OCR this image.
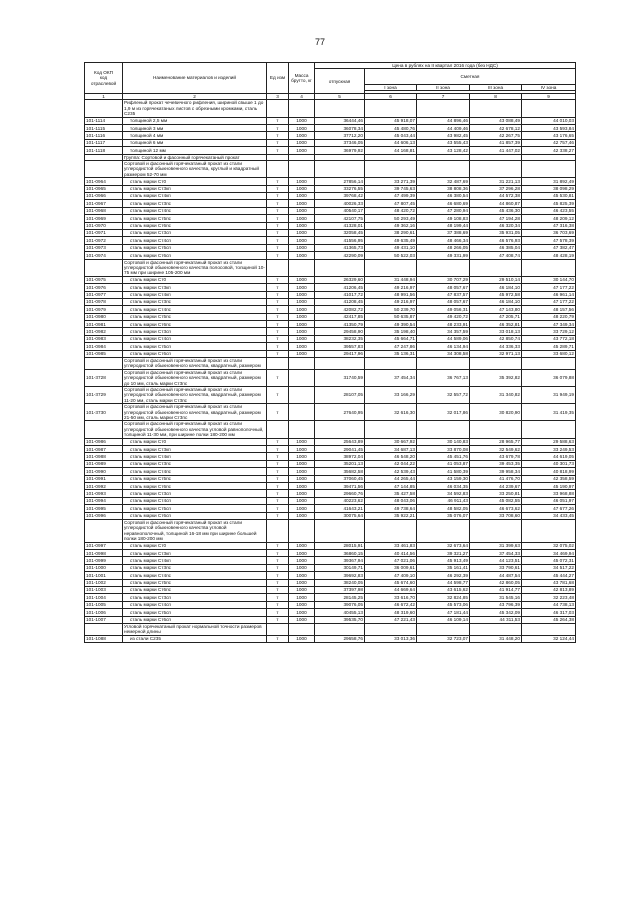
77
Код ОКП
код
отраслевой	Наименование материалов и изделий	Ед изм	Масса брутто, кг	Цена в рублях на II квартал 2016 года (без НДС)				
				отпускная	Сметная			
					I зона	II зона	III зона	IV зона

1	2	3	4	5	6	7	8	9
	Рифленый прокат чечевичного рифления, шириной свыше 1 до 1,9 м из горячекатаных листов с обрезными кромками, сталь С235							
101-1114	толщиной 2,5 мм	т	1000	36444,46	45 918,07	44 896,46	43 088,49	44 010,03
101-1115	толщиной 3 мм	т	1000	36078,34	45 480,76	44 409,46	42 678,12	43 593,84
101-1116	толщиной 4 мм	т	1000	37712,20	45 043,44	43 982,45	42 267,75	43 176,65
101-1117	толщиной 6 мм	т	1000	37346,05	44 606,13	43 555,43	41 857,39	42 757,46
101-1118	толщиной 12 мм	т	1000	36979,92	44 168,81	43 128,42	41 447,02	42 338,27
	Группа: Сортовой и фасонный горячекатаный прокат							
	Сортовой и фасонный горячекатаный прокат из стали углеродистой обыкновенного качества, круглый и квадратный размером 52-70 мм							
101-0964	сталь марки Ст0	т	1000	27856,14	33 271,39	32 487,69	31 221,13	31 892,49
101-0965	сталь марки Ст3кп	т	1000	33276,55	39 745,63	38 808,36	37 296,28	38 098,29
101-0966	сталь марки Ст4кп	т	1000	39768,42	47 499,39	46 380,54	44 572,38	45 530,81
101-0967	сталь марки Ст3пс	т	1000	40026,33	47 807,45	46 680,69	44 860,87	45 825,39
101-0968	сталь марки Ст4пс	т	1000	40540,17	48 420,72	47 280,94	45 436,30	46 423,55
101-0969	сталь марки Ст5пс	т	1000	42107,75	50 293,49	49 108,83	47 194,28	48 209,12
101-0970	сталь марки Ст6пс	т	1000	41328,01	49 362,16	48 199,44	46 320,34	47 316,38
101-0971	сталь марки Ст3сп	т	1000	32058,45	38 290,61	37 388,69	35 931,05	36 703,69
101-0972	сталь марки Ст4сп	т	1000	41556,95	49 635,49	48 466,34	46 576,93	47 578,39
101-0973	сталь марки Ст5сп	т	1000	41365,73	49 431,10	48 266,05	46 385,04	47 382,47
101-0974	сталь марки Ст6сп	т	1000	42290,09	50 522,03	49 331,99	47 408,74	48 428,19
	Сортовой и фасонный горячекатаный прокат из стали углеродистой обыкновенного качества полосовой, толщиной 10-75 мм при ширине 105-200 мм							
101-0975	сталь марки Ст0	т	1000	26329,60	31 448,94	30 707,29	29 510,14	30 144,70
101-0976	сталь марки Ст3кп	т	1000	41206,45	49 216,97	48 057,67	46 184,10	47 177,22
101-0977	сталь марки Ст4кп	т	1000	41017,72	48 991,56	47 837,57	45 972,58	46 961,14
101-0978	сталь марки Ст3пс	т	1000	41208,45	49 216,97	48 057,67	46 184,10	47 177,22
101-0979	сталь марки Ст4пс	т	1000	42082,72	50 239,70	49 056,31	47 143,80	48 157,56
101-0980	сталь марки Ст5пс	т	1000	42417,85	50 635,87	49 420,72	47 205,71	48 220,79
101-0981	сталь марки Ст6пс	т	1000	41350,79	49 390,54	48 233,91	46 352,81	47 349,34
101-0982	сталь марки Ст3сп	т	1000	29458,90	35 198,40	34 357,59	33 018,13	33 729,12
101-0983	сталь марки Ст4сп	т	1000	38232,35	45 664,71	44 589,06	42 850,74	43 772,18
101-0984	сталь марки Ст5сп	т	1000	39557,83	47 247,86	46 134,94	44 336,33	45 289,71
101-0985	сталь марки Ст6сп	т	1000	29417,96	35 136,31	34 308,58	32 971,13	33 680,12
	Сортовой и фасонный горячекатаный прокат из стали углеродистой обыкновенного качества, квадратный, размером							
101-3728	Сортовой и фасонный горячекатаный прокат из стали углеродистой обыкновенного качества, квадратный, размером до 10 мм, сталь марки Ст3пс	т		31740,59	37 454,34	36 767,13	35 392,82	36 079,88
101-3729	Сортовой и фасонный горячекатаный прокат из стали углеродистой обыкновенного качества, квадратный, размером 11-20 мм, сталь марки Ст3пс	т		28107,05	33 166,29	32 557,72	31 340,82	31 949,19
101-3730	Сортовой и фасонный горячекатаный прокат из стали углеродистой обыкновенного качества, квадратный, размером 21-50 мм, сталь марки Ст3пс	т		27640,95	32 616,30	32 017,86	30 820,90	31 419,35
	Сортовой и фасонный горячекатаный прокат из стали углеродистой обыкновенного качества угловой равнополочный, толщиной 11-30 мм, при ширине полки 180-200 мм							
101-0986	сталь марки Ст0	т	1000	25643,89	30 667,92	30 140,83	28 965,77	29 588,63
101-0987	сталь марки Ст3кп	т	1000	29041,45	34 687,13	33 870,08	32 549,62	33 249,53
101-0988	сталь марки Ст4кп	т	1000	38972,04	46 548,20	45 451,76	43 679,78	44 619,05
101-0989	сталь марки Ст3пс	т	1000	35201,13	42 044,22	41 053,87	39 453,35	40 301,73
101-0990	сталь марки Ст4пс	т	1000	35682,58	42 539,43	41 580,39	39 958,34	40 818,99
101-0991	сталь марки Ст5пс	т	1000	37060,45	44 265,44	43 159,30	41 476,70	42 358,59
101-0992	сталь марки Ст6пс	т	1000	39471,56	47 144,85	46 034,35	44 239,67	45 190,97
101-0993	сталь марки Ст3сп	т	1000	29660,76	35 427,58	34 592,83	33 250,81	33 968,88
101-0994	сталь марки Ст4сп	т	1000	40223,62	48 043,06	46 911,43	45 082,55	46 051,97
101-0995	сталь марки Ст5сп	т	1000	41643,21	49 738,64	48 582,05	46 673,62	47 677,26
101-0996	сталь марки Ст6сп	т	1000	30075,64	35 922,21	35 076,07	33 708,60	34 433,45
	Сортовой и фасонный горячекатаный прокат из стали углеродистой обыкновенного качества угловой неравнополочный, толщиной 16-18 мм при ширине большей полки 180-200 мм							
101-0997	сталь марки Ст0	т	1000	28015,91	33 461,83	32 673,64	31 399,63	32 075,02
101-0998	сталь марки Ст3кп	т	1000	36860,15	40 414,56	39 321,27	37 454,33	34 469,94
101-0999	сталь марки Ст4кп	т	1000	39367,94	47 021,06	45 913,49	44 123,51	45 072,31
101-1000	сталь марки Ст3пс	т	1000	30149,71	36 009,61	35 161,41	33 790,61	34 517,22
101-1001	сталь марки Ст4пс	т	1000	39692,83	47 409,10	46 292,39	44 487,54	45 444,27
101-1002	сталь марки Ст5пс	т	1000	38240,05	45 674,60	44 598,77	42 860,05	43 781,68
101-1003	сталь марки Ст6пс	т	1000	37397,98	44 669,64	43 615,62	41 914,77	42 813,89
101-1004	сталь марки Ст3сп	т	1000	28145,25	33 616,70	32 824,85	31 545,16	32 223,48
101-1005	сталь марки Ст4сп	т	1000	39076,05	46 672,42	45 573,06	43 796,39	44 738,13
101-1006	сталь марки Ст5сп	т	1000	40455,13	48 319,60	47 181,44	45 342,09	46 317,03
101-1007	сталь марки Ст6сп	т	1000	39535,70	47 221,43	46 109,14	44 311,53	45 264,38
	Угловой горячекатаный прокат нормальной точности размеров немерной длины							
101-1088	из стали С235	т	1000	29658,76	33 013,36	32 723,07	31 448,20	32 124,44
